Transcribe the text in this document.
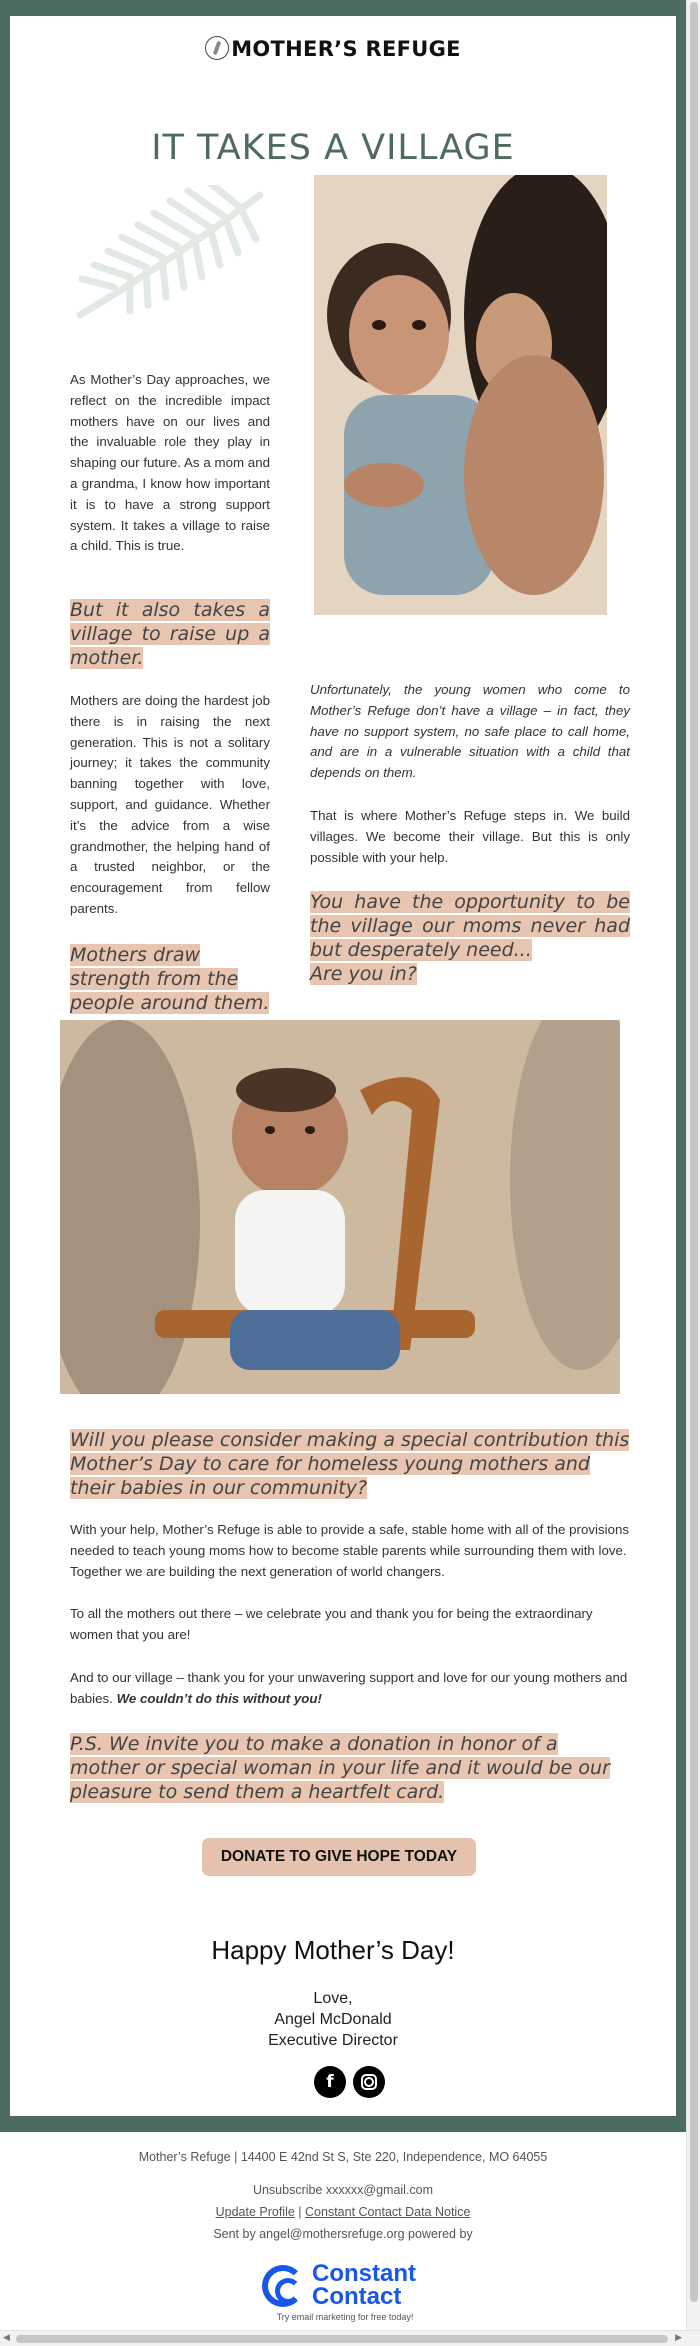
MOTHER’S REFUGE
IT TAKES A VILLAGE
As Mother’s Day approaches, we reflect on the incredible impact mothers have on our lives and the invaluable role they play in shaping our future. As a mom and a grandma, I know how important it is to have a strong support system. It takes a village to raise a child. This is true.
But it also takes a village to raise up a mother.
Mothers are doing the hardest job there is in raising the next generation. This is not a solitary journey; it takes the community banning together with love, support, and guidance. Whether it’s the advice from a wise grandmother, the helping hand of a trusted neighbor, or the encouragement from fellow parents.
Mothers draw strength from the people around them.
Unfortunately, the young women who come to Mother’s Refuge don’t have a village – in fact, they have no support system, no safe place to call home, and are in a vulnerable situation with a child that depends on them.
That is where Mother’s Refuge steps in. We build villages. We become their village. But this is only possible with your help.
You have the opportunity to be the village our moms never had but desperately need...
Are you in?
Will you please consider making a special contribution this Mother’s Day to care for homeless young mothers and their babies in our community?
With your help, Mother’s Refuge is able to provide a safe, stable home with all of the provisions needed to teach young moms how to become stable parents while surrounding them with love. Together we are building the next generation of world changers.
To all the mothers out there – we celebrate you and thank you for being the extraordinary women that you are!
And to our village – thank you for your unwavering support and love for our young mothers and babies. We couldn’t do this without you!
P.S. We invite you to make a donation in honor of a mother or special woman in your life and it would be our pleasure to send them a heartfelt card.
DONATE TO GIVE HOPE TODAY
Happy Mother’s Day!
Love,
Angel McDonald
Executive Director
f
Mother’s Refuge | 14400 E 42nd St S, Ste 220, Independence, MO 64055
Unsubscribe xxxxxx@gmail.com
Update Profile | Constant Contact Data Notice
Sent by angel@mothersrefuge.org powered by
Constant
Contact
Try email marketing for free today!
◀	▶
